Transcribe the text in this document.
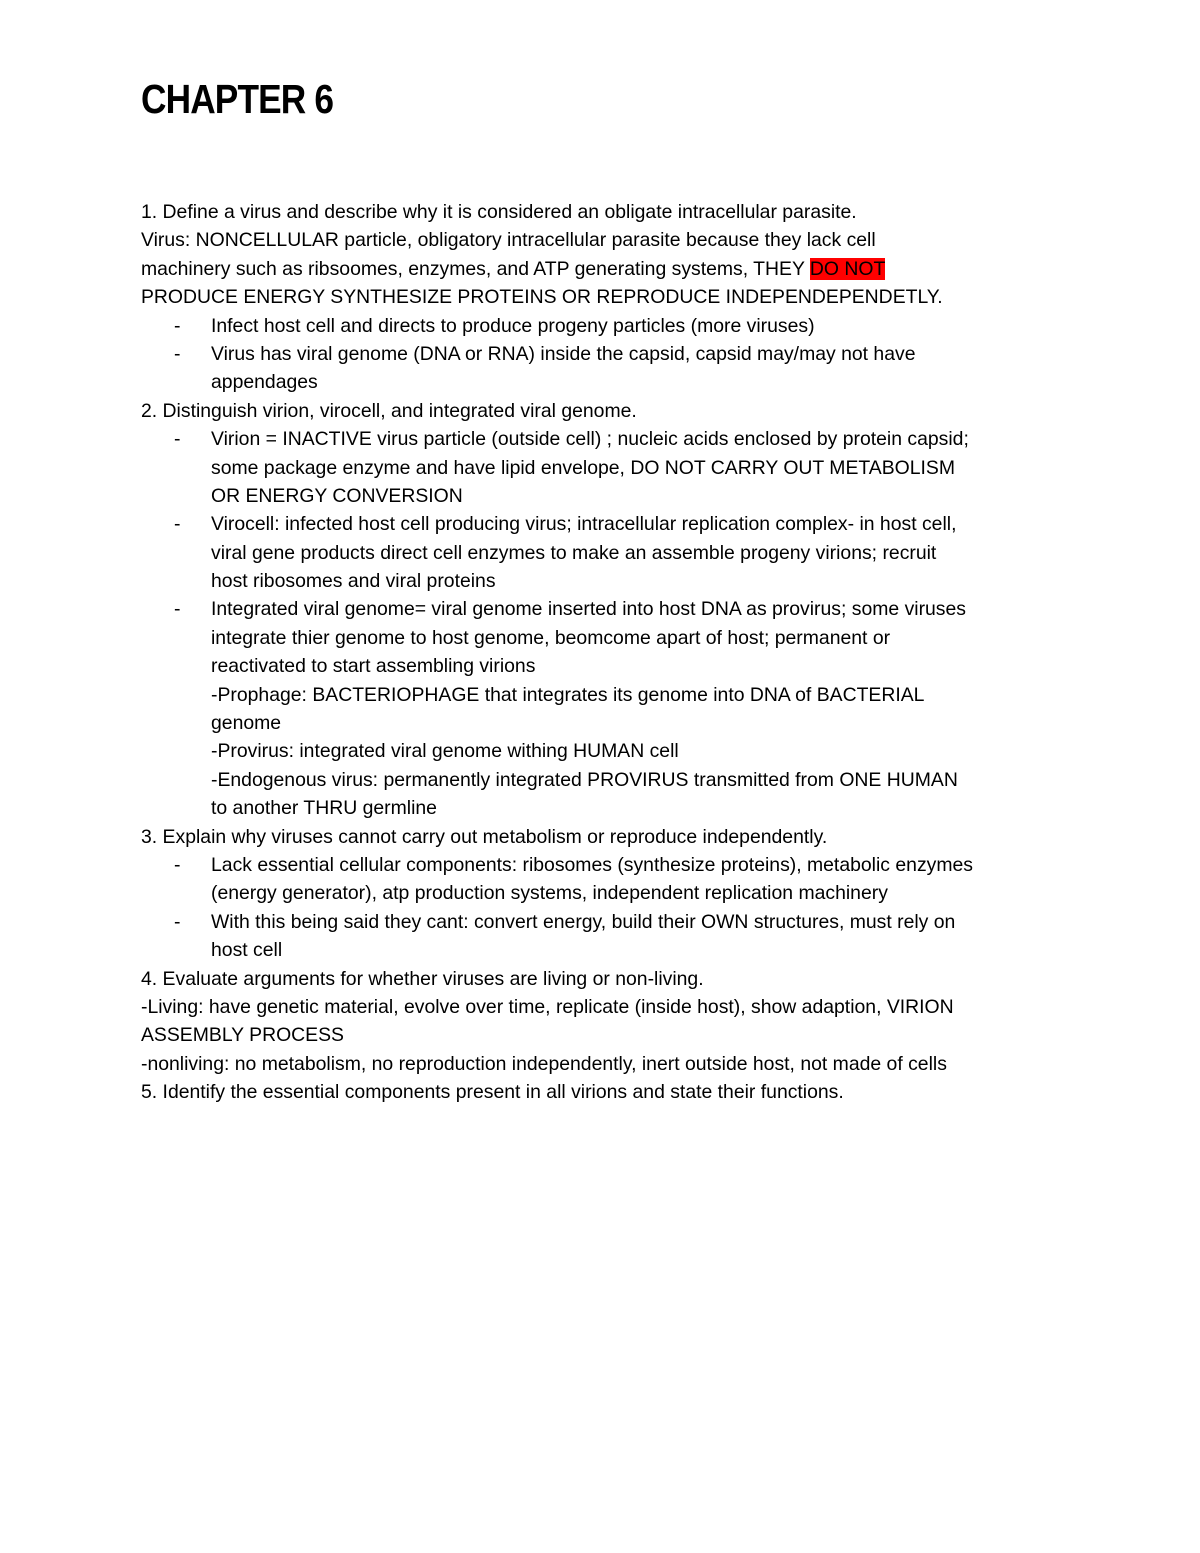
CHAPTER 6
1. Define a virus and describe why it is considered an obligate intracellular parasite.
Virus: NONCELLULAR particle, obligatory intracellular parasite because they lack cell
machinery such as ribsoomes, enzymes, and ATP generating systems, THEY DO NOT
PRODUCE ENERGY SYNTHESIZE PROTEINS OR REPRODUCE INDEPENDEPENDETLY.
- Infect host cell and directs to produce progeny particles (more viruses)
- Virus has viral genome (DNA or RNA) inside the capsid, capsid may/may not have
appendages
2. Distinguish virion, virocell, and integrated viral genome.
- Virion = INACTIVE virus particle (outside cell) ; nucleic acids enclosed by protein capsid;
some package enzyme and have lipid envelope, DO NOT CARRY OUT METABOLISM
OR ENERGY CONVERSION
- Virocell: infected host cell producing virus; intracellular replication complex- in host cell,
viral gene products direct cell enzymes to make an assemble progeny virions; recruit
host ribosomes and viral proteins
- Integrated viral genome= viral genome inserted into host DNA as provirus; some viruses
integrate thier genome to host genome, beomcome apart of host; permanent or
reactivated to start assembling virions
-Prophage: BACTERIOPHAGE that integrates its genome into DNA of BACTERIAL
genome
-Provirus: integrated viral genome withing HUMAN cell
-Endogenous virus: permanently integrated PROVIRUS transmitted from ONE HUMAN
to another THRU germline
3. Explain why viruses cannot carry out metabolism or reproduce independently.
- Lack essential cellular components: ribosomes (synthesize proteins), metabolic enzymes
(energy generator), atp production systems, independent replication machinery
- With this being said they cant: convert energy, build their OWN structures, must rely on
host cell
4. Evaluate arguments for whether viruses are living or non-living.
-Living: have genetic material, evolve over time, replicate (inside host), show adaption, VIRION
ASSEMBLY PROCESS
-nonliving: no metabolism, no reproduction independently, inert outside host, not made of cells
5. Identify the essential components present in all virions and state their functions.
